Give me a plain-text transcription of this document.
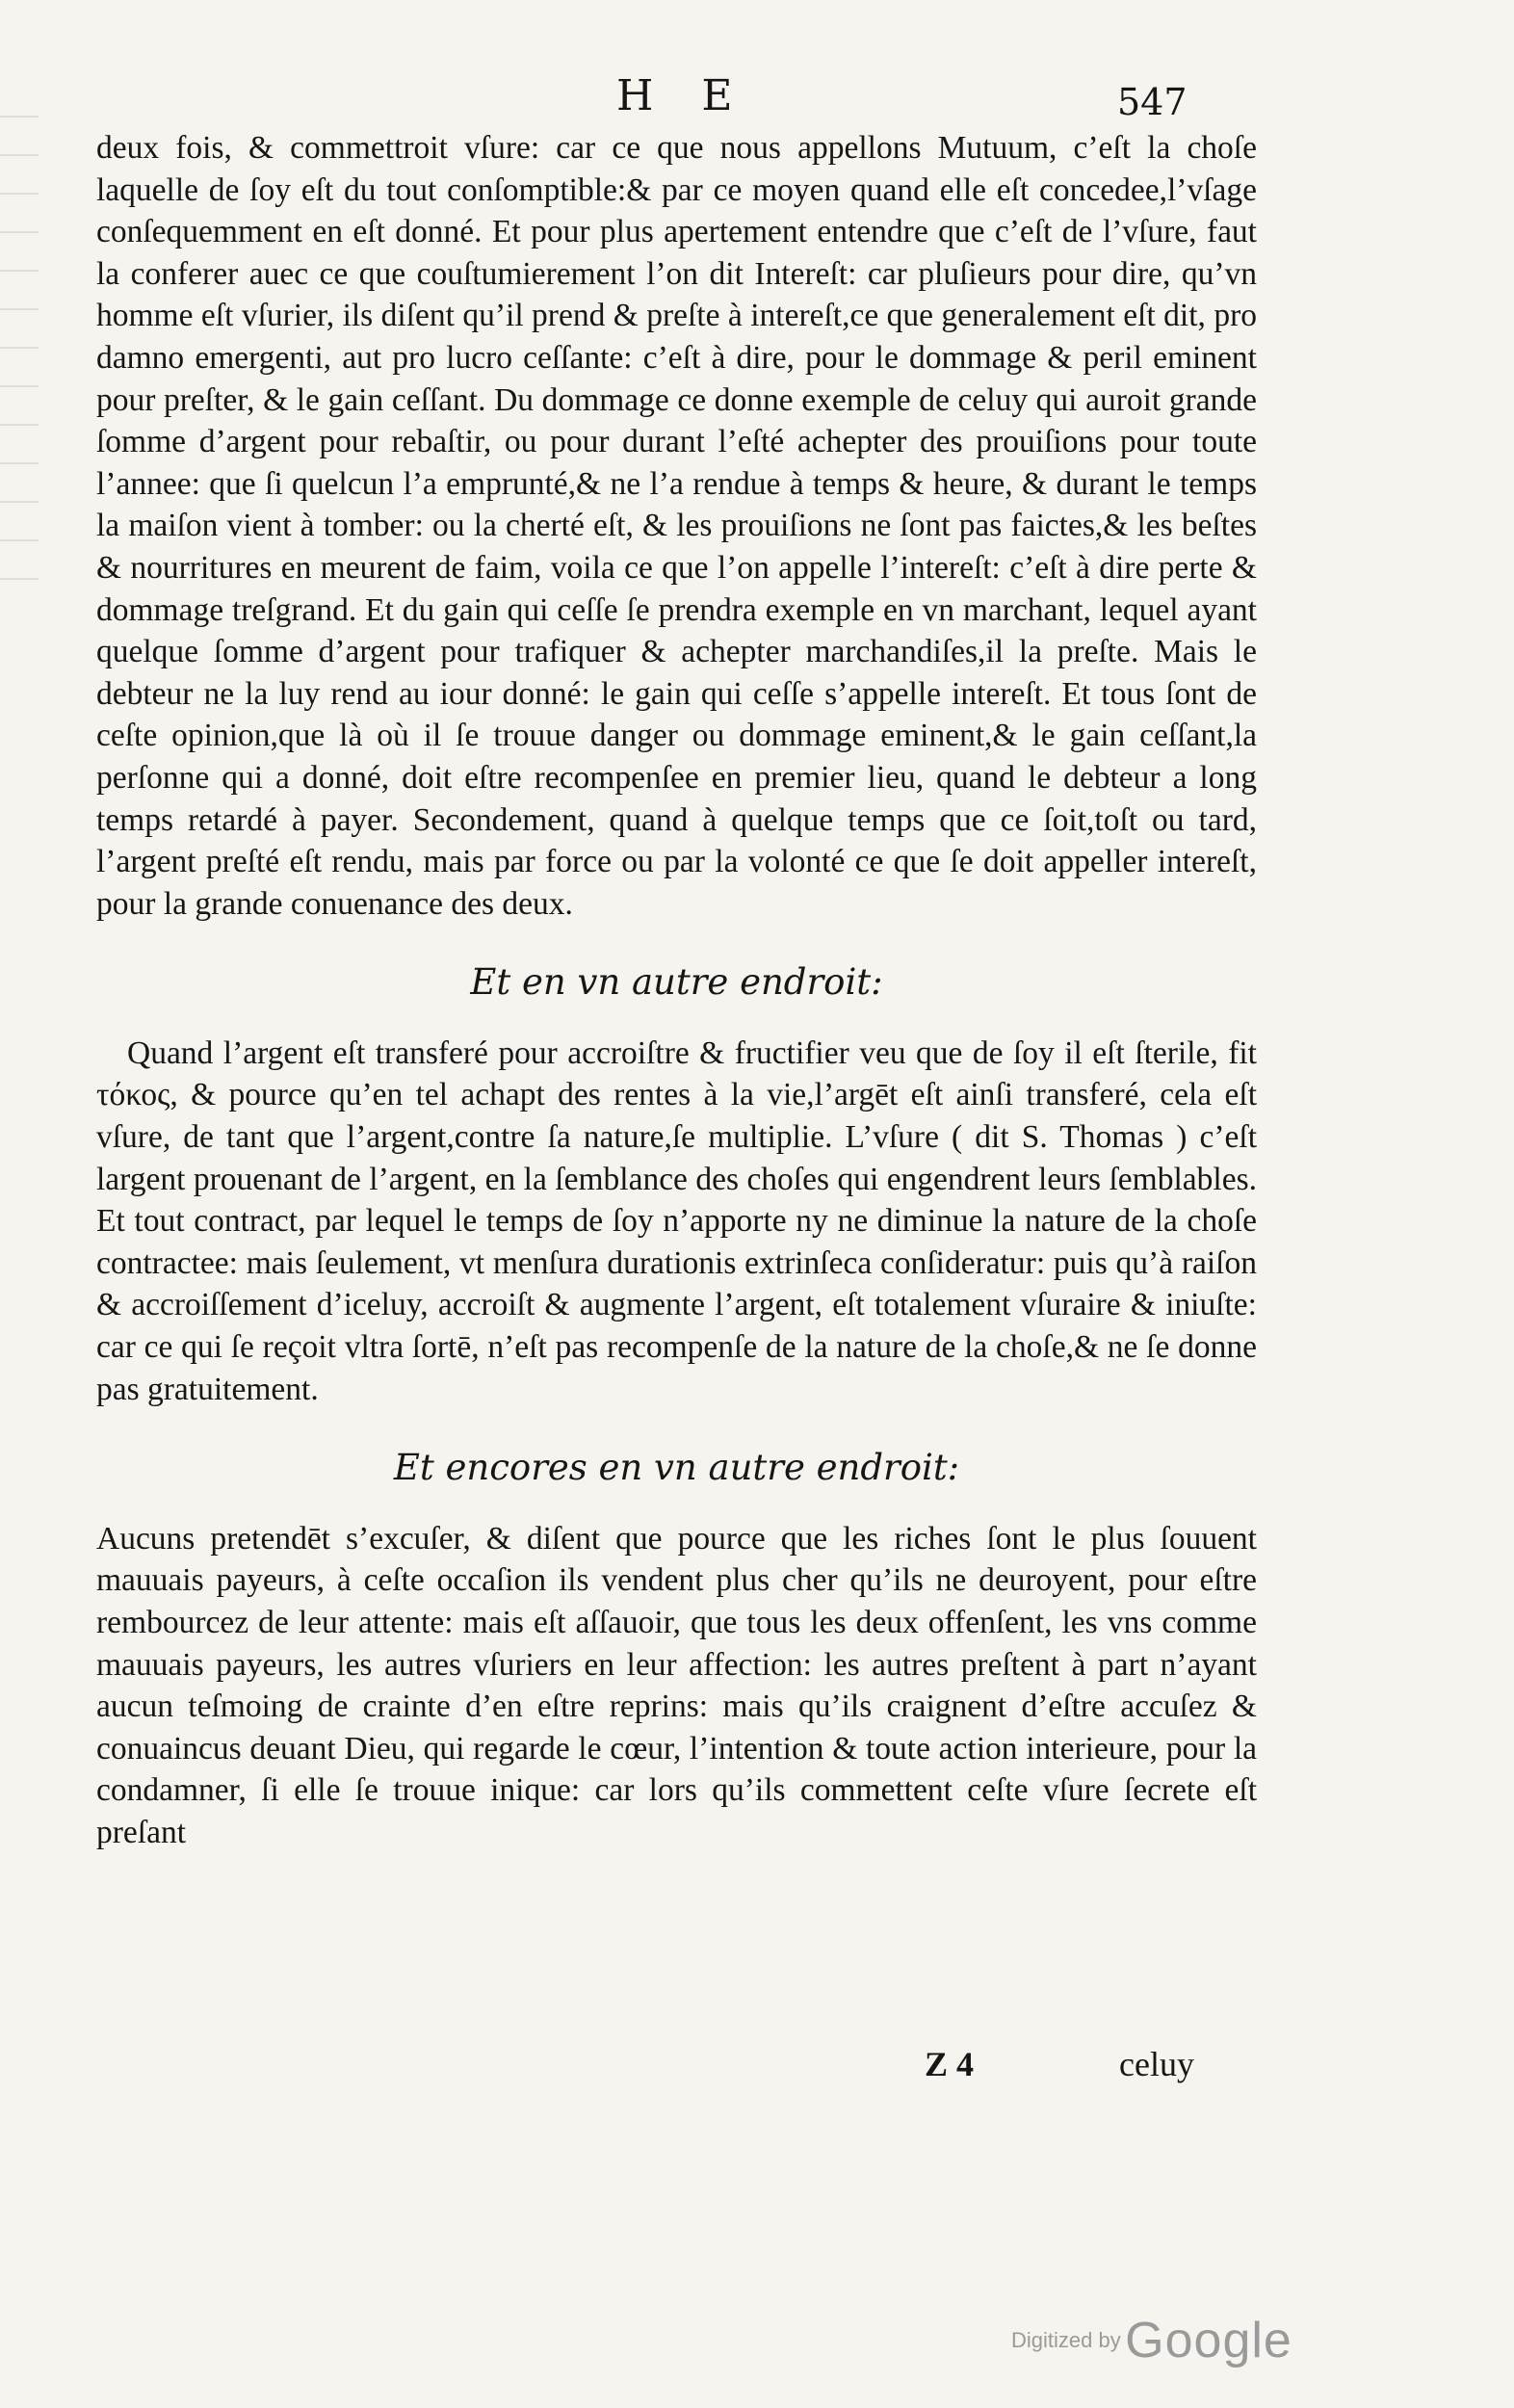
H E	547

deux fois, & commettroit vſure: car ce que nous appellons Mutuum, c’eſt la choſe laquelle de ſoy eſt du tout conſomptible:& par ce moyen quand elle eſt concedee,l’vſage conſequemment en eſt donné. Et pour plus apertement entendre que c’eſt de l’vſure, faut la conferer auec ce que couſtumierement l’on dit Intereſt: car pluſieurs pour dire, qu’vn homme eſt vſurier, ils diſent qu’il prend & preſte à intereſt,ce que generalement eſt dit, pro damno emergenti, aut pro lucro ceſſante: c’eſt à dire, pour le dommage & peril eminent pour preſter, & le gain ceſſant. Du dommage ce donne exemple de celuy qui auroit grande ſomme d’argent pour rebaſtir, ou pour durant l’eſté achepter des prouiſions pour toute l’annee: que ſi quelcun l’a emprunté,& ne l’a rendue à temps & heure, & durant le temps la maiſon vient à tomber: ou la cherté eſt, & les prouiſions ne ſont pas faictes,& les beſtes & nourritures en meurent de faim, voila ce que l’on appelle l’intereſt: c’eſt à dire perte & dommage treſgrand. Et du gain qui ceſſe ſe prendra exemple en vn marchant, lequel ayant quelque ſomme d’argent pour trafiquer & achepter marchandiſes,il la preſte. Mais le debteur ne la luy rend au iour donné: le gain qui ceſſe s’appelle intereſt. Et tous ſont de ceſte opinion,que là où il ſe trouue danger ou dommage eminent,& le gain ceſſant,la perſonne qui a donné, doit eſtre recompenſee en premier lieu, quand le debteur a long temps retardé à payer. Secondement, quand à quelque temps que ce ſoit,toſt ou tard, l’argent preſté eſt rendu, mais par force ou par la volonté ce que ſe doit appeller intereſt, pour la grande conuenance des deux.

Et en vn autre endroit:

Quand l’argent eſt transferé pour accroiſtre & fructifier veu que de ſoy il eſt ſterile, fit τόκος, & pource qu’en tel achapt des rentes à la vie,l’argēt eſt ainſi transferé, cela eſt vſure, de tant que l’argent,contre ſa nature,ſe multiplie. L’vſure ( dit S. Thomas ) c’eſt largent prouenant de l’argent, en la ſemblance des choſes qui engendrent leurs ſemblables. Et tout contract, par lequel le temps de ſoy n’apporte ny ne diminue la nature de la choſe contractee: mais ſeulement, vt menſura durationis extrinſeca conſideratur: puis qu’à raiſon & accroiſſement d’iceluy, accroiſt & augmente l’argent, eſt totalement vſuraire & iniuſte: car ce qui ſe reçoit vltra ſortē, n’eſt pas recompenſe de la nature de la choſe,& ne ſe donne pas gratuitement.

Et encores en vn autre endroit:

Aucuns pretendēt s’excuſer, & diſent que pource que les riches ſont le plus ſouuent mauuais payeurs, à ceſte occaſion ils vendent plus cher qu’ils ne deuroyent, pour eſtre rembourcez de leur attente: mais eſt aſſauoir, que tous les deux offenſent, les vns comme mauuais payeurs, les autres vſuriers en leur affection: les autres preſtent à part n’ayant aucun teſmoing de crainte d’en eſtre reprins: mais qu’ils craignent d’eſtre accuſez & conuaincus deuant Dieu, qui regarde le cœur, l’intention & toute action interieure, pour la condamner, ſi elle ſe trouue inique: car lors qu’ils commettent ceſte vſure ſecrete eſt preſant

Z 4	celuy
Digitized by Google
